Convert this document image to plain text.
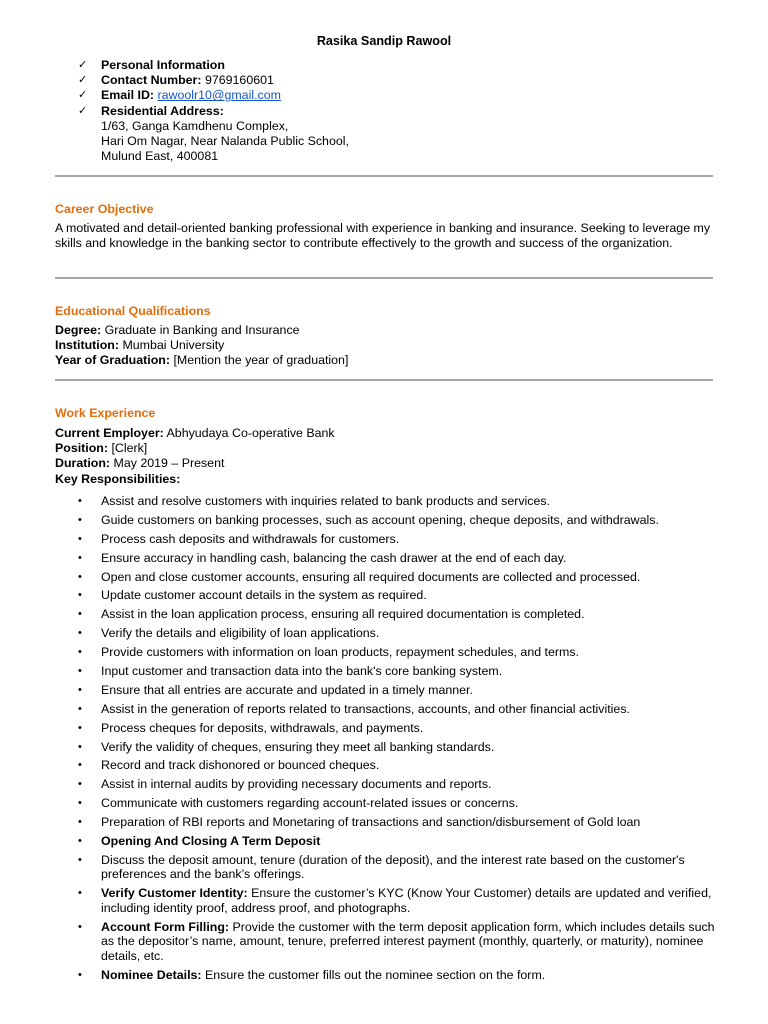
Rasika Sandip Rawool
✓ Personal Information
✓ Contact Number: 9769160601
✓ Email ID: rawoolr10@gmail.com
✓ Residential Address:
1/63, Ganga Kamdhenu Complex,
Hari Om Nagar, Near Nalanda Public School,
Mulund East, 400081
Career Objective
A motivated and detail-oriented banking professional with experience in banking and insurance. Seeking to leverage my skills and knowledge in the banking sector to contribute effectively to the growth and success of the organization.
Educational Qualifications
Degree: Graduate in Banking and Insurance
Institution: Mumbai University
Year of Graduation: [Mention the year of graduation]
Work Experience
Current Employer: Abhyudaya Co-operative Bank
Position: [Clerk]
Duration: May 2019 – Present
Key Responsibilities:
• Assist and resolve customers with inquiries related to bank products and services.
• Guide customers on banking processes, such as account opening, cheque deposits, and withdrawals.
• Process cash deposits and withdrawals for customers.
• Ensure accuracy in handling cash, balancing the cash drawer at the end of each day.
• Open and close customer accounts, ensuring all required documents are collected and processed.
• Update customer account details in the system as required.
• Assist in the loan application process, ensuring all required documentation is completed.
• Verify the details and eligibility of loan applications.
• Provide customers with information on loan products, repayment schedules, and terms.
• Input customer and transaction data into the bank's core banking system.
• Ensure that all entries are accurate and updated in a timely manner.
• Assist in the generation of reports related to transactions, accounts, and other financial activities.
• Process cheques for deposits, withdrawals, and payments.
• Verify the validity of cheques, ensuring they meet all banking standards.
• Record and track dishonored or bounced cheques.
• Assist in internal audits by providing necessary documents and reports.
• Communicate with customers regarding account-related issues or concerns.
• Preparation of RBI reports and Monetaring of transactions and sanction/disbursement of Gold loan
• Opening And Closing A Term Deposit
• Discuss the deposit amount, tenure (duration of the deposit), and the interest rate based on the customer's preferences and the bank’s offerings.
• Verify Customer Identity: Ensure the customer’s KYC (Know Your Customer) details are updated and verified, including identity proof, address proof, and photographs.
• Account Form Filling: Provide the customer with the term deposit application form, which includes details such as the depositor’s name, amount, tenure, preferred interest payment (monthly, quarterly, or maturity), nominee details, etc.
• Nominee Details: Ensure the customer fills out the nominee section on the form.
